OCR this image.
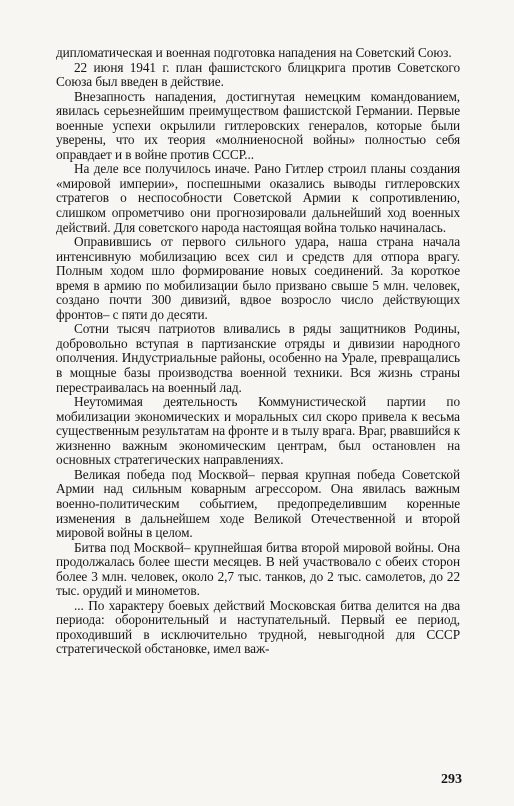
дипломатическая и военная подготовка нападения на Советский Союз.

22 июня 1941 г. план фашистского блицкрига против Советского Союза был введен в действие.

Внезапность нападения, достигнутая немецким командованием, явилась серьезнейшим преимуществом фашистской Германии. Первые военные успехи окрылили гитлеровских генералов, которые были уверены, что их теория «молниеносной войны» полностью себя оправдает и в войне против СССР...

На деле все получилось иначе. Рано Гитлер строил планы создания «мировой империи», поспешными оказались выводы гитлеровских стратегов о неспособности Советской Армии к сопротивлению, слишком опрометчиво они прогнозировали дальнейший ход военных действий. Для советского народа настоящая война только начиналась.

Оправившись от первого сильного удара, наша страна начала интенсивную мобилизацию всех сил и средств для отпора врагу. Полным ходом шло формирование новых соединений. За короткое время в армию по мобилизации было призвано свыше 5 млн. человек, создано почти 300 дивизий, вдвое возросло число действующих фронтов– с пяти до десяти.

Сотни тысяч патриотов вливались в ряды защитников Родины, добровольно вступая в партизанские отряды и дивизии народного ополчения. Индустриальные районы, особенно на Урале, превращались в мощные базы производства военной техники. Вся жизнь страны перестраивалась на военный лад.

Неутомимая деятельность Коммунистической партии по мобилизации экономических и моральных сил скоро привела к весьма существенным результатам на фронте и в тылу врага. Враг, рвавшийся к жизненно важным экономическим центрам, был остановлен на основных стратегических направлениях.

Великая победа под Москвой– первая крупная победа Советской Армии над сильным коварным агрессором. Она явилась важным военно-политическим событием, предопределившим коренные изменения в дальнейшем ходе Великой Отечественной и второй мировой войны в целом.

Битва под Москвой– крупнейшая битва второй мировой войны. Она продолжалась более шести месяцев. В ней участвовало с обеих сторон более 3 млн. человек, около 2,7 тыс. танков, до 2 тыс. самолетов, до 22 тыс. орудий и минометов.

... По характеру боевых действий Московская битва делится на два периода: оборонительный и наступательный. Первый ее период, проходивший в исключительно трудной, невыгодной для СССР стратегической обстановке, имел важ-

293
